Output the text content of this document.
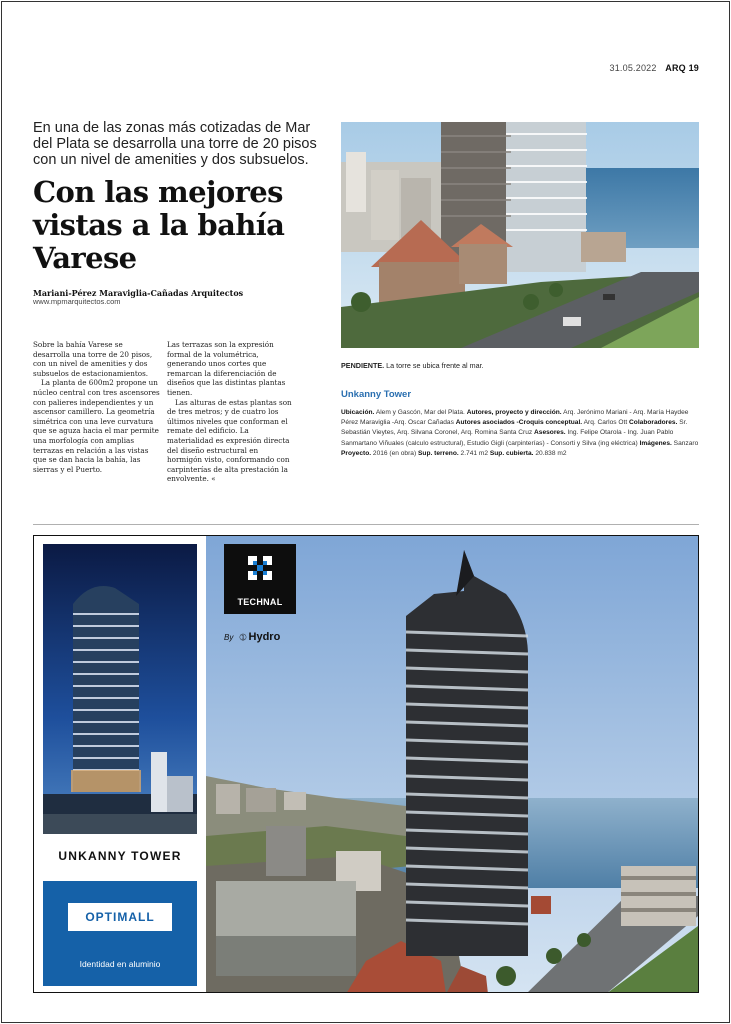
31.05.2022 ARQ 19
En una de las zonas más cotizadas de Mar del Plata se desarrolla una torre de 20 pisos con un nivel de amenities y dos subsuelos.
Con las mejores vistas a la bahía Varese
Mariani-Pérez Maraviglia-Cañadas Arquitectos
www.mpmarquitectos.com

Sobre la bahía Varese se desarrolla una torre de 20 pisos, con un nivel de amenities y dos subsuelos de estacionamientos.

La planta de 600m2 propone un núcleo central con tres ascensores con palieres independientes y un ascensor camillero. La geometría simétrica con una leve curvatura que se aguza hacia el mar permite una morfología con amplias terrazas en relación a las vistas que se dan hacia la bahía, las sierras y el Puerto.

Las terrazas son la expresión formal de la volumétrica, generando unos cortes que remarcan la diferenciación de diseños que las distintas plantas tienen.

Las alturas de estas plantas son de tres metros; y de cuatro los últimos niveles que conforman el remate del edificio. La materialidad es expresión directa del diseño estructural en hormigón visto, conformando con carpinterías de alta prestación la envolvente. «

PENDIENTE. La torre se ubica frente al mar.
Unkanny Tower
Ubicación. Alem y Gascón, Mar del Plata. Autores, proyecto y dirección. Arq. Jerónimo Mariani - Arq. María Haydee Pérez Maraviglia -Arq. Oscar Cañadas Autores asociados -Croquis conceptual. Arq. Carlos Ott Colaboradores. Sr. Sebastián Vieytes, Arq. Silvana Coronel, Arq. Romina Santa Cruz Asesores. Ing. Felipe Otarola - Ing. Juan Pablo Sanmartano Viñuales (calculo estructural), Estudio Gigli (carpinterías) - Consorti y Silva (ing eléctrica) Imágenes. Sanzaro Proyecto. 2016 (en obra) Sup. terreno. 2.741 m2 Sup. cubierta. 20.838 m2
UNKANNY TOWER
OPTIMALL
Identidad en aluminio
TECHNAL
By ➀ Hydro
